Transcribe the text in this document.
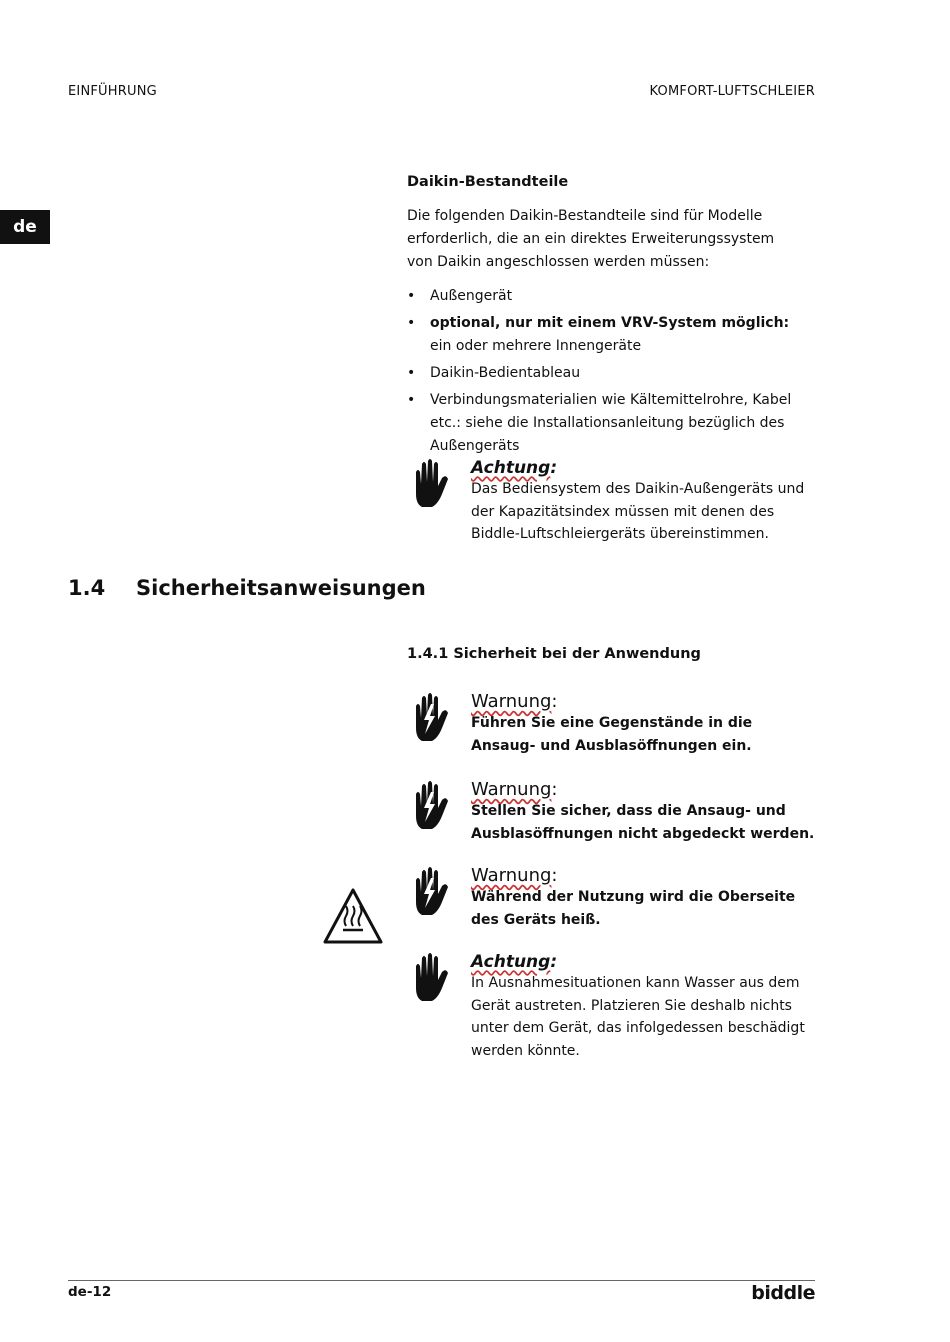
EINFÜHRUNG	KOMFORT-LUFTSCHLEIER
de
Daikin-Bestandteile
Die folgenden Daikin-Bestandteile sind für Modelle erforderlich, die an ein direktes Erweiterungssystem von Daikin angeschlossen werden müssen:
• Außengerät
• optional, nur mit einem VRV-System möglich:
ein oder mehrere Innengeräte
• Daikin-Bedientableau
• Verbindungsmaterialien wie Kältemittelrohre, Kabel etc.: siehe die Installationsanleitung bezüglich des Außengeräts
Achtung:
Das Bediensystem des Daikin-Außengeräts und der Kapazitätsindex müssen mit denen des Biddle-Luftschleiergeräts übereinstimmen.
1.4 Sicherheitsanweisungen
1.4.1 Sicherheit bei der Anwendung
Warnung:
Führen Sie eine Gegenstände in die Ansaug- und Ausblasöffnungen ein.
Warnung:
Stellen Sie sicher, dass die Ansaug- und Ausblasöffnungen nicht abgedeckt werden.
Warnung:
Während der Nutzung wird die Oberseite des Geräts heiß.
Achtung:
In Ausnahmesituationen kann Wasser aus dem Gerät austreten. Platzieren Sie deshalb nichts unter dem Gerät, das infolgedessen beschädigt werden könnte.
de-12	biddle
